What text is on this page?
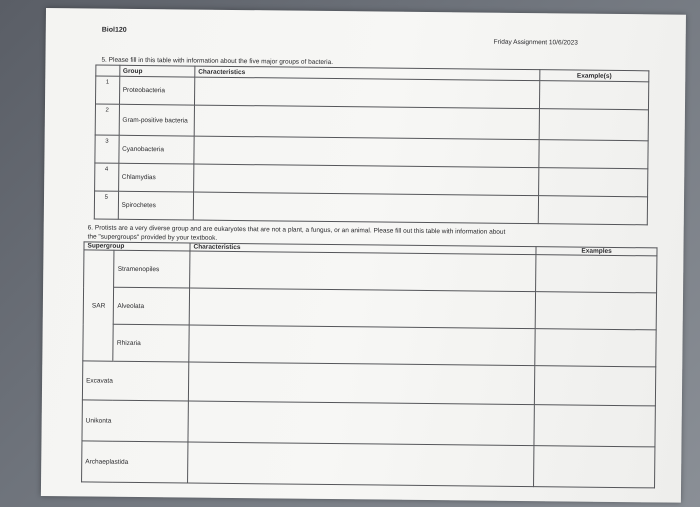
Biol120
Friday Assignment 10/6/2023
5. Please fill in this table with information about the five major groups of bacteria.
	Group	Characteristics	Example(s)
1	Proteobacteria		
2	Gram-positive bacteria		
3	Cyanobacteria		
4	Chlamydias		
5	Spirochetes		
6. Protists are a very diverse group and are eukaryotes that are not a plant, a fungus, or an animal. Please fill out this table with information about
the "supergroups" provided by your textbook.
Supergroup		Characteristics	Examples
SAR	Stramenopiles		
	Alveolata		
	Rhizaria		
Excavata			
Unikonta			
Archaeplastida			
